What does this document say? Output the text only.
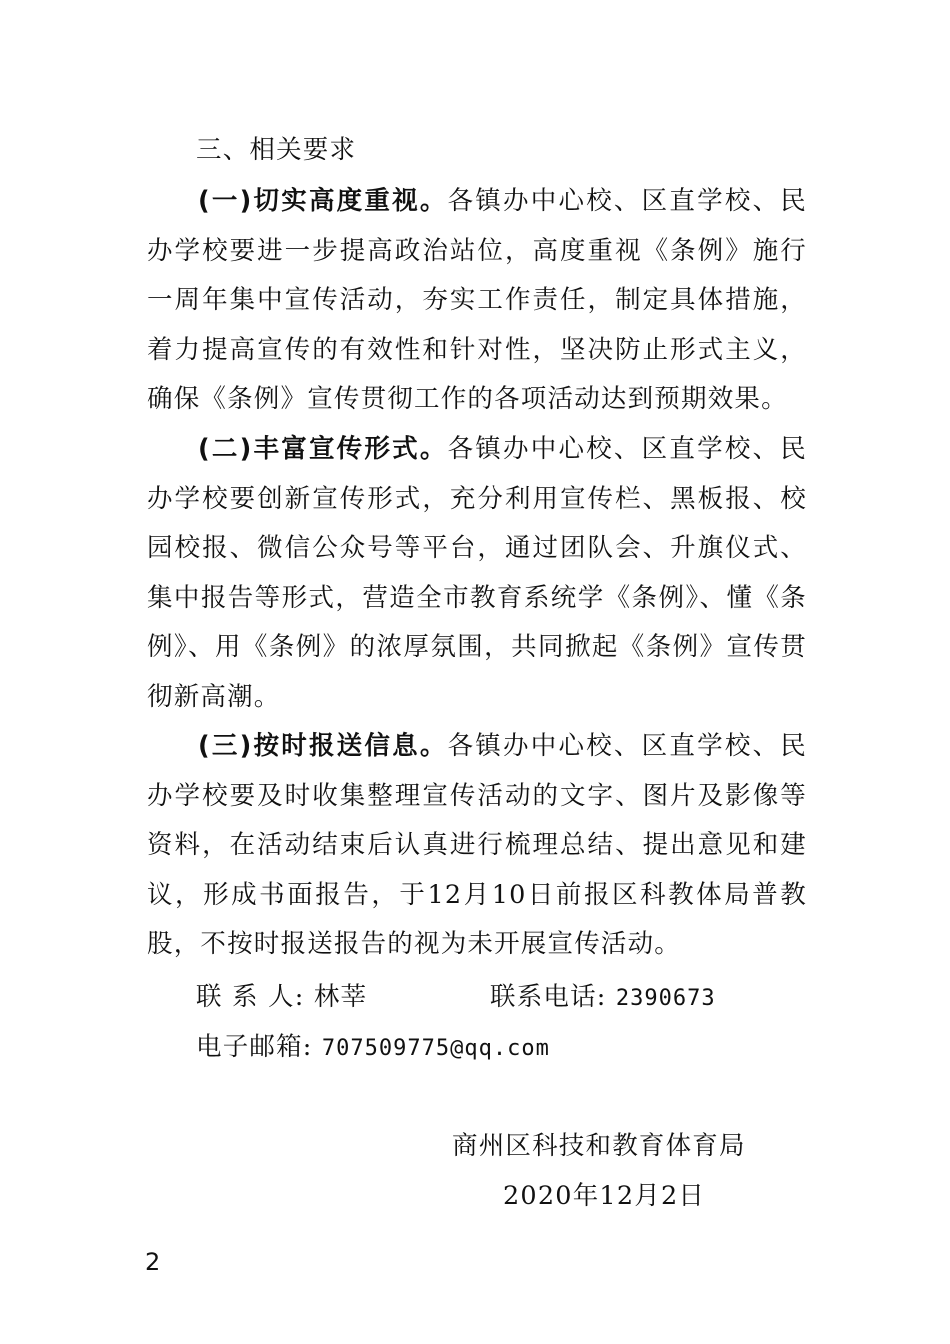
三、相关要求

(一)切实高度重视。各镇办中心校、区直学校、民办学校要进一步提高政治站位，高度重视《条例》施行一周年集中宣传活动，夯实工作责任，制定具体措施，着力提高宣传的有效性和针对性，坚决防止形式主义，确保《条例》宣传贯彻工作的各项活动达到预期效果。

(二)丰富宣传形式。各镇办中心校、区直学校、民办学校要创新宣传形式，充分利用宣传栏、黑板报、校园校报、微信公众号等平台，通过团队会、升旗仪式、集中报告等形式，营造全市教育系统学《条例》、懂《条例》、用《条例》的浓厚氛围，共同掀起《条例》宣传贯彻新高潮。

(三)按时报送信息。各镇办中心校、区直学校、民办学校要及时收集整理宣传活动的文字、图片及影像等资料，在活动结束后认真进行梳理总结、提出意见和建议，形成书面报告，于12月10日前报区科教体局普教股，不按时报送报告的视为未开展宣传活动。

联 系 人: 林莘	联系电话: 2390673
电子邮箱: 707509775@qq.com
商州区科技和教育体育局
2020年12月2日
2
